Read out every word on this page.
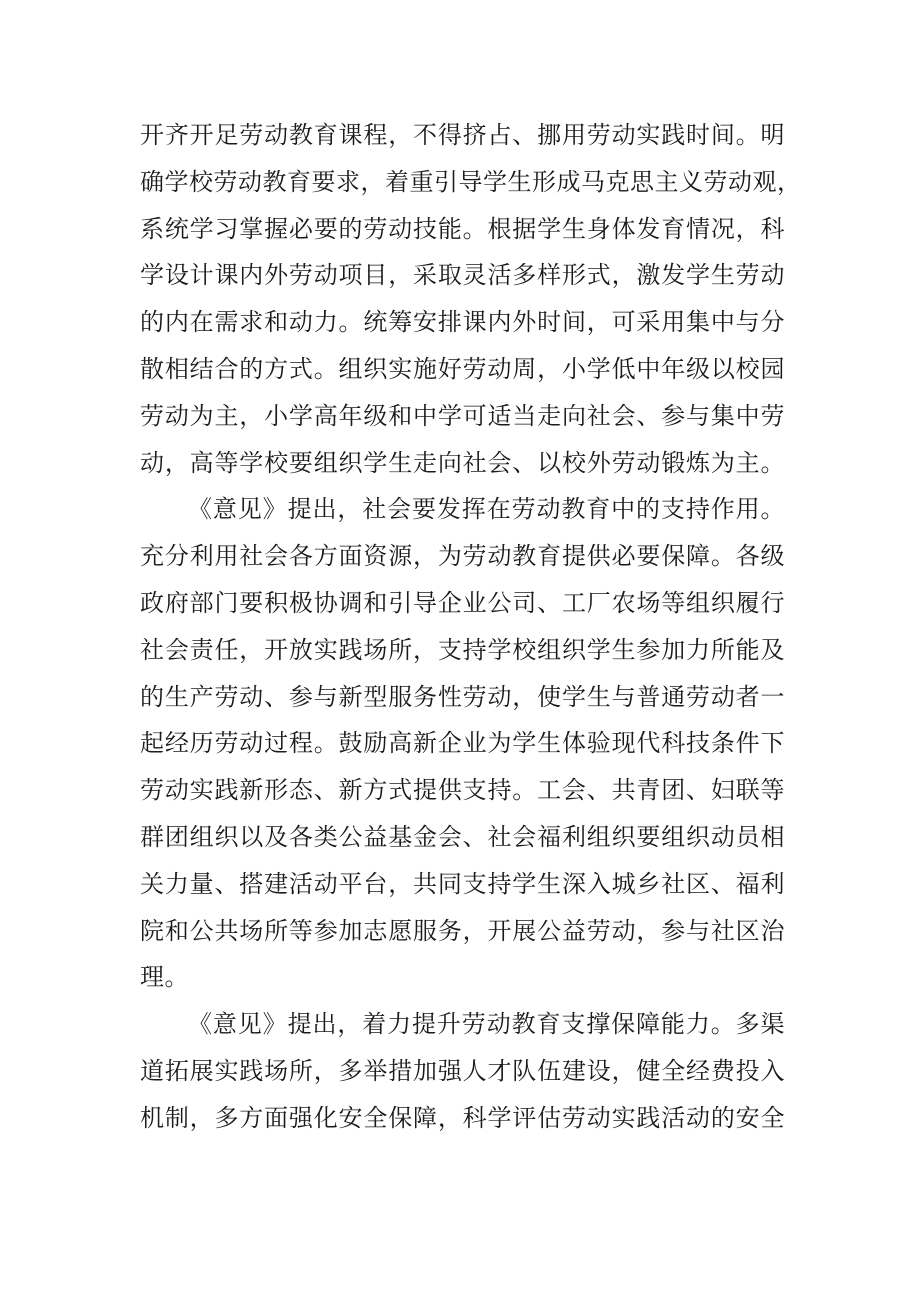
开齐开足劳动教育课程，不得挤占、挪用劳动实践时间。明
确学校劳动教育要求，着重引导学生形成马克思主义劳动观，
系统学习掌握必要的劳动技能。根据学生身体发育情况，科
学设计课内外劳动项目，采取灵活多样形式，激发学生劳动
的内在需求和动力。统筹安排课内外时间，可采用集中与分
散相结合的方式。组织实施好劳动周，小学低中年级以校园
劳动为主，小学高年级和中学可适当走向社会、参与集中劳
动，高等学校要组织学生走向社会、以校外劳动锻炼为主。
《意见》提出，社会要发挥在劳动教育中的支持作用。
充分利用社会各方面资源，为劳动教育提供必要保障。各级
政府部门要积极协调和引导企业公司、工厂农场等组织履行
社会责任，开放实践场所，支持学校组织学生参加力所能及
的生产劳动、参与新型服务性劳动，使学生与普通劳动者一
起经历劳动过程。鼓励高新企业为学生体验现代科技条件下
劳动实践新形态、新方式提供支持。工会、共青团、妇联等
群团组织以及各类公益基金会、社会福利组织要组织动员相
关力量、搭建活动平台，共同支持学生深入城乡社区、福利
院和公共场所等参加志愿服务，开展公益劳动，参与社区治
理。
《意见》提出，着力提升劳动教育支撑保障能力。多渠
道拓展实践场所，多举措加强人才队伍建设，健全经费投入
机制，多方面强化安全保障，科学评估劳动实践活动的安全
